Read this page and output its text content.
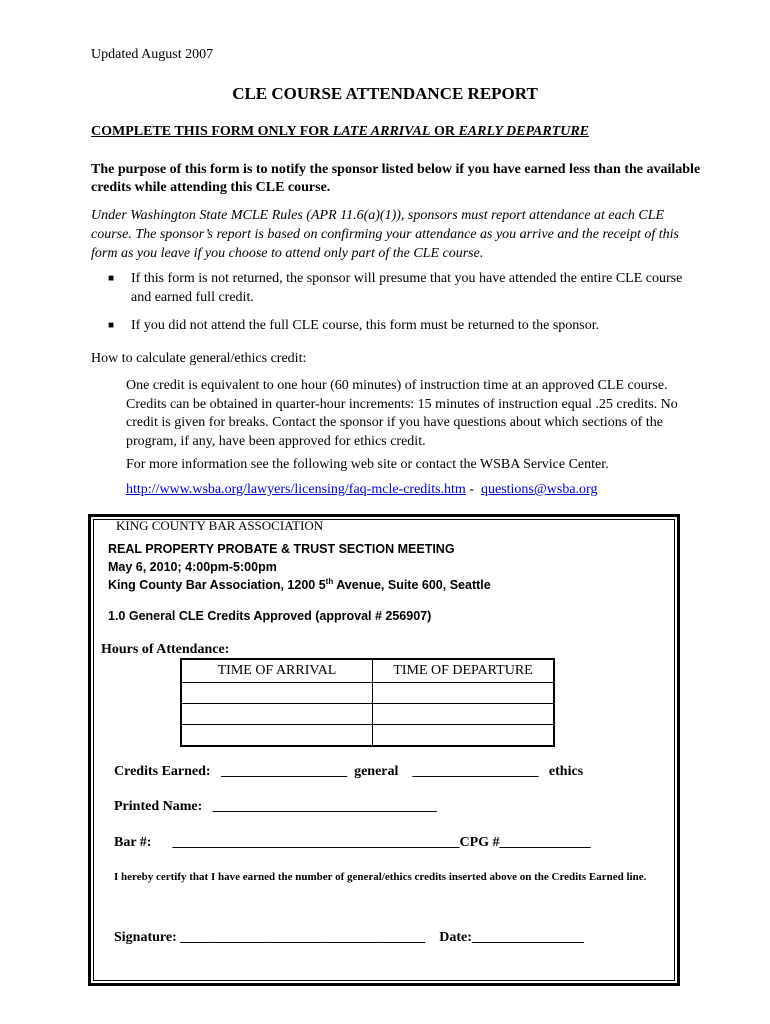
Updated August 2007
CLE COURSE ATTENDANCE REPORT
COMPLETE THIS FORM ONLY FOR LATE ARRIVAL OR EARLY DEPARTURE
The purpose of this form is to notify the sponsor listed below if you have earned less than the available credits while attending this CLE course.
Under Washington State MCLE Rules (APR 11.6(a)(1)), sponsors must report attendance at each CLE course. The sponsor’s report is based on confirming your attendance as you arrive and the receipt of this form as you leave if you choose to attend only part of the CLE course.
■ If this form is not returned, the sponsor will presume that you have attended the entire CLE course and earned full credit.
■ If you did not attend the full CLE course, this form must be returned to the sponsor.
How to calculate general/ethics credit:
One credit is equivalent to one hour (60 minutes) of instruction time at an approved CLE course. Credits can be obtained in quarter-hour increments: 15 minutes of instruction equal .25 credits. No credit is given for breaks. Contact the sponsor if you have questions about which sections of the program, if any, have been approved for ethics credit.
For more information see the following web site or contact the WSBA Service Center.
http://www.wsba.org/lawyers/licensing/faq-mcle-credits.htm -  questions@wsba.org
KING COUNTY BAR ASSOCIATION
REAL PROPERTY PROBATE & TRUST SECTION MEETING
May 6, 2010; 4:00pm-5:00pm
King County Bar Association, 1200 5th Avenue, Suite 600, Seattle
1.0 General CLE Credits Approved (approval # 256907)
Hours of Attendance:
TIME OF ARRIVAL	TIME OF DEPARTURE

Credits Earned: __________________ general __________________ ethics
Printed Name: ________________________________
Bar #: _________________________________________CPG #_____________
I hereby certify that I have earned the number of general/ethics credits inserted above on the Credits Earned line.
Signature: ___________________________________ Date:________________
